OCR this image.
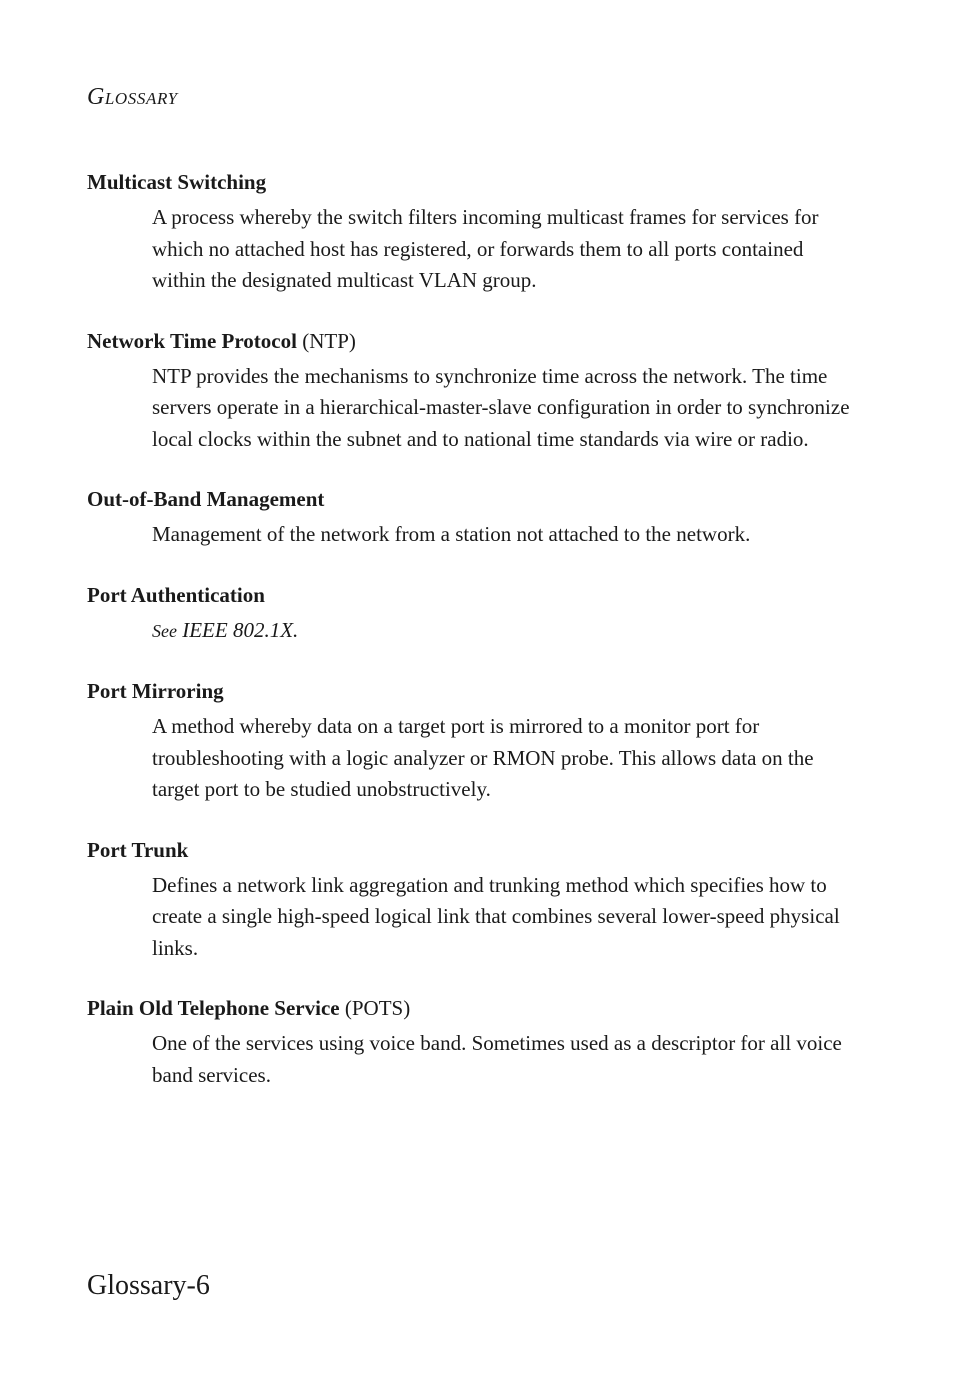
GLOSSARY
Multicast Switching
A process whereby the switch filters incoming multicast frames for services for which no attached host has registered, or forwards them to all ports contained within the designated multicast VLAN group.
Network Time Protocol (NTP)
NTP provides the mechanisms to synchronize time across the network. The time servers operate in a hierarchical-master-slave configuration in order to synchronize local clocks within the subnet and to national time standards via wire or radio.
Out-of-Band Management
Management of the network from a station not attached to the network.
Port Authentication
See IEEE 802.1X.
Port Mirroring
A method whereby data on a target port is mirrored to a monitor port for troubleshooting with a logic analyzer or RMON probe. This allows data on the target port to be studied unobstructively.
Port Trunk
Defines a network link aggregation and trunking method which specifies how to create a single high-speed logical link that combines several lower-speed physical links.
Plain Old Telephone Service (POTS)
One of the services using voice band. Sometimes used as a descriptor for all voice band services.
Glossary-6
